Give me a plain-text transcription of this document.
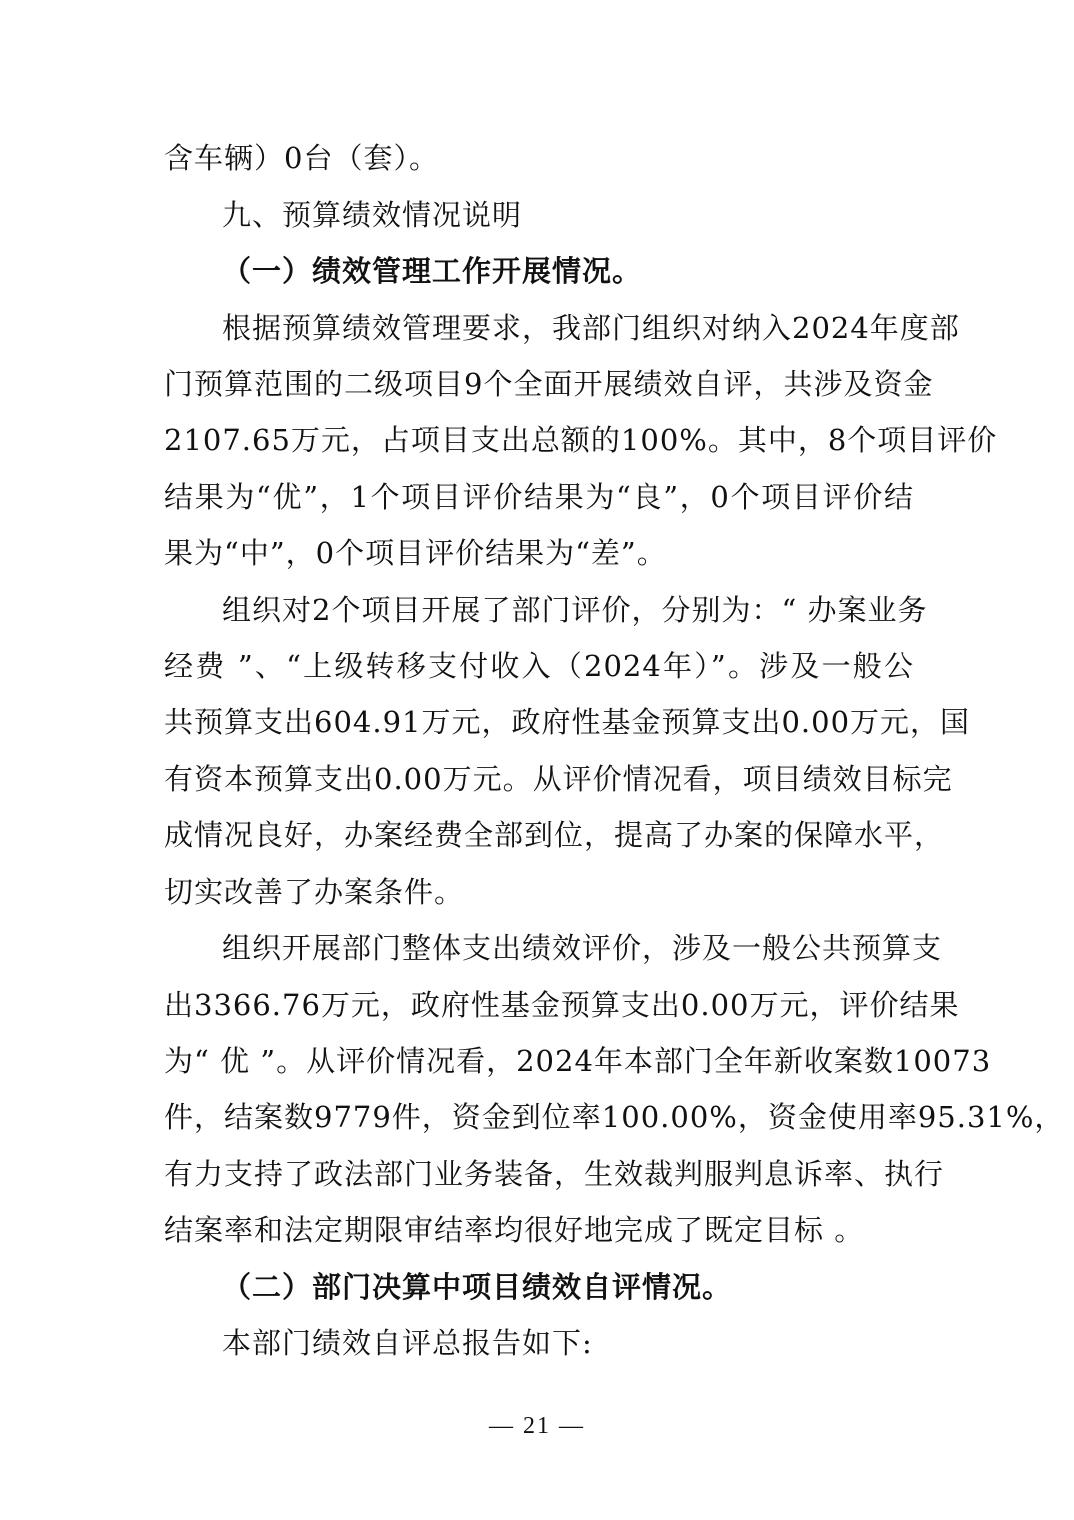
含车辆）0台（套）。
九、预算绩效情况说明
（一）绩效管理工作开展情况。
根据预算绩效管理要求，我部门组织对纳入2024年度部
门预算范围的二级项目9个全面开展绩效自评，共涉及资金
2107.65万元，占项目支出总额的100%。其中，8个项目评价
结果为“优”，1个项目评价结果为“良”，0个项目评价结
果为“中”，0个项目评价结果为“差”。
组织对2个项目开展了部门评价，分别为：“ 办案业务
经费 ”、“上级转移支付收入（2024年）”。涉及一般公
共预算支出604.91万元，政府性基金预算支出0.00万元，国
有资本预算支出0.00万元。从评价情况看，项目绩效目标完
成情况良好，办案经费全部到位，提高了办案的保障水平，
切实改善了办案条件。
组织开展部门整体支出绩效评价，涉及一般公共预算支
出3366.76万元，政府性基金预算支出0.00万元，评价结果
为“ 优 ”。从评价情况看，2024年本部门全年新收案数10073
件，结案数9779件，资金到位率100.00%，资金使用率95.31%，
有力支持了政法部门业务装备，生效裁判服判息诉率、执行
结案率和法定期限审结率均很好地完成了既定目标 。
（二）部门决算中项目绩效自评情况。
本部门绩效自评总报告如下:
— 21 —
